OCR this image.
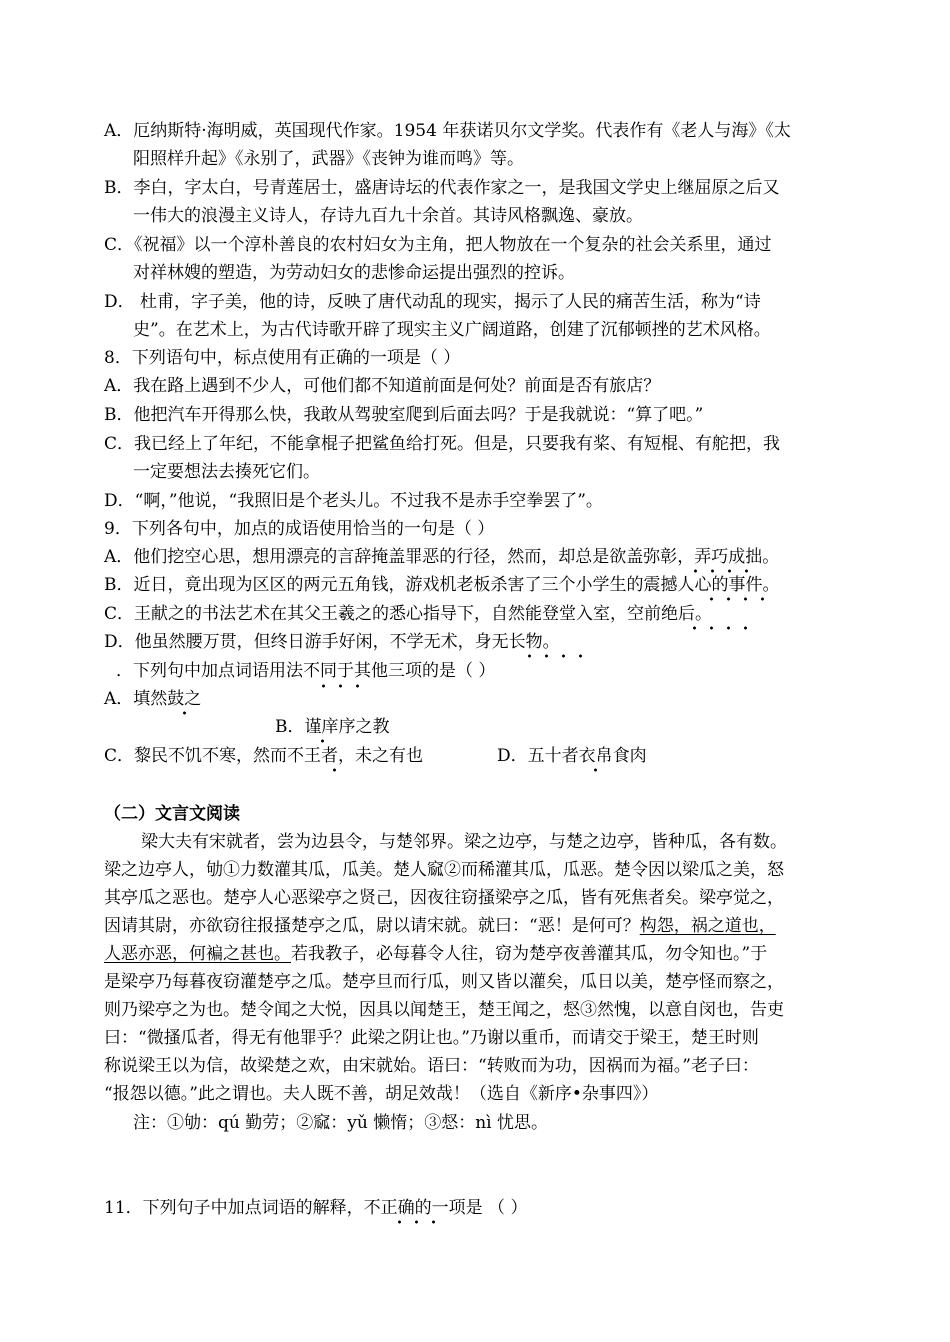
A．厄纳斯特·海明威，英国现代作家。1954 年获诺贝尔文学奖。代表作有《老人与海》《太
阳照样升起》《永别了，武器》《丧钟为谁而鸣》等。
B．李白，字太白，号青莲居士，盛唐诗坛的代表作家之一，是我国文学史上继屈原之后又
一伟大的浪漫主义诗人，存诗九百九十余首。其诗风格飘逸、豪放。
C．《祝福》以一个淳朴善良的农村妇女为主角，把人物放在一个复杂的社会关系里，通过
对祥林嫂的塑造，为劳动妇女的悲惨命运提出强烈的控诉。
D． 杜甫，字子美，他的诗，反映了唐代动乱的现实，揭示了人民的痛苦生活，称为“诗
史”。在艺术上，为古代诗歌开辟了现实主义广阔道路，创建了沉郁顿挫的艺术风格。
8．下列语句中，标点使用有正确的一项是（ ）
A．我在路上遇到不少人，可他们都不知道前面是何处？前面是否有旅店？
B．他把汽车开得那么快，我敢从驾驶室爬到后面去吗？于是我就说：“算了吧。”
C．我已经上了年纪，不能拿棍子把鲨鱼给打死。但是，只要我有桨、有短棍、有舵把，我
一定要想法去揍死它们。
D．“啊，”他说，“我照旧是个老头儿。不过我不是赤手空拳罢了”。
9．下列各句中，加点的成语使用恰当的一句是（ ）
A．他们挖空心思，想用漂亮的言辞掩盖罪恶的行径，然而，却总是欲盖弥彰，弄巧成拙。
B．近日，竟出现为区区的两元五角钱，游戏机老板杀害了三个小学生的震撼人心的事件。
C．王献之的书法艺术在其父王羲之的悉心指导下，自然能登堂入室，空前绝后。
D．他虽然腰万贯，但终日游手好闲，不学无术，身无长物。
．下列句中加点词语用法不同于其他三项的是（ ）
A．填然鼓之
B．谨庠序之教
C．黎民不饥不寒，然而不王者，未之有也	D．五十者衣帛食肉
（二）文言文阅读
梁大夫有宋就者，尝为边县令，与楚邻界。梁之边亭，与楚之边亭，皆种瓜，各有数。
梁之边亭人，劬①力数灌其瓜，瓜美。楚人窳②而稀灌其瓜，瓜恶。楚令因以梁瓜之美，怒
其亭瓜之恶也。楚亭人心恶梁亭之贤己，因夜往窃搔梁亭之瓜，皆有死焦者矣。梁亭觉之，
因请其尉，亦欲窃往报搔楚亭之瓜，尉以请宋就。就曰：“恶！是何可？构怨，祸之道也，
人恶亦恶，何褊之甚也。若我教子，必每暮令人往，窃为楚亭夜善灌其瓜，勿令知也。”于
是梁亭乃每暮夜窃灌楚亭之瓜。楚亭旦而行瓜，则又皆以灌矣，瓜日以美，楚亭怪而察之，
则乃梁亭之为也。楚令闻之大悦，因具以闻楚王，楚王闻之，惄③然愧，以意自闵也，告吏
曰：“微搔瓜者，得无有他罪乎？此梁之阴让也。”乃谢以重币，而请交于梁王，楚王时则
称说梁王以为信，故梁楚之欢，由宋就始。语曰：“转败而为功，因祸而为福。”老子曰：
“报怨以德。”此之谓也。夫人既不善，胡足效哉！（选自《新序•杂事四》）
注：①劬：qú 勤劳；②窳：yǔ 懒惰；③惄：nì 忧思。
11．下列句子中加点词语的解释，不正确的一项是 （ ）
